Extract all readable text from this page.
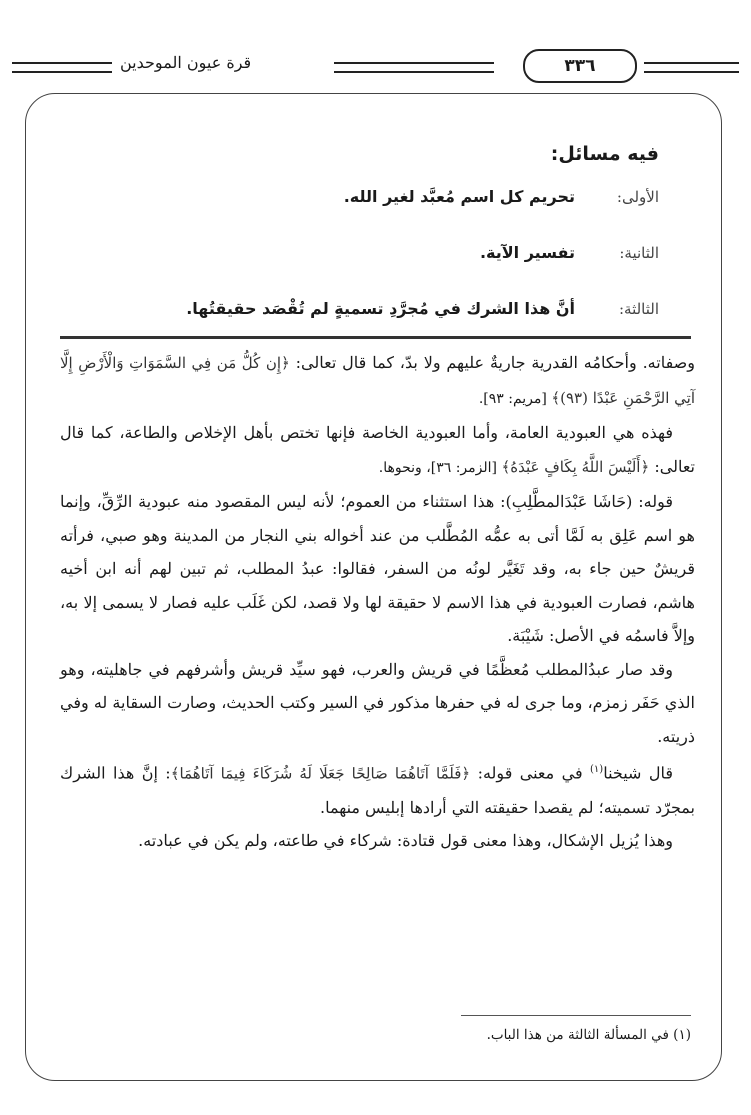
٣٣٦
قرة عيون الموحدين
فيه مسائل:
الأولى:
تحريم كل اسم مُعبَّد لغير الله.
الثانية:
تفسير الآية.
الثالثة:
أنَّ هذا الشرك في مُجرَّدِ تسميةٍ لم تُقْصَد حقيقتُها.

وصفاته. وأحكامُه القدرية جاريةٌ عليهم ولا بدّ، كما قال تعالى: ﴿إِن كُلُّ مَن فِي السَّمَوَاتِ وَالْأَرْضِ إِلَّا آتِي الرَّحْمَنِ عَبْدًا (٩٣)﴾ [مريم: ٩٣].

فهذه هي العبودية العامة، وأما العبودية الخاصة فإنها تختص بأهل الإخلاص والطاعة، كما قال تعالى: ﴿أَلَيْسَ اللَّهُ بِكَافٍ عَبْدَهُ﴾ [الزمر: ٣٦]، ونحوها.

قوله: (حَاشَا عَبْدَالمطَّلِبِ): هذا استثناء من العموم؛ لأنه ليس المقصود منه عبودية الرِّقِّ، وإنما هو اسم عَلِق به لَمَّا أتى به عمُّه المُطَّلب من عند أخواله بني النجار من المدينة وهو صبي، فرأته قريشٌ حين جاء به، وقد تَغَيَّر لونُه من السفر، فقالوا: عبدُ المطلب، ثم تبين لهم أنه ابن أخيه هاشم، فصارت العبودية في هذا الاسم لا حقيقة لها ولا قصد، لكن غَلَب عليه فصار لا يسمى إلا به، وإلاَّ فاسمُه في الأصل: شَيْبَة.

وقد صار عبدُالمطلب مُعظَّمًا في قريش والعرب، فهو سيِّد قريش وأشرفهم في جاهليته، وهو الذي حَفَر زمزم، وما جرى له في حفرها مذكور في السير وكتب الحديث، وصارت السقاية له وفي ذريته.

قال شيخنا$^{(١)}$ في معنى قوله: ﴿فَلَمَّا آتَاهُمَا صَالِحًا جَعَلَا لَهُ شُرَكَاءَ فِيمَا آتَاهُمَا﴾: إنَّ هذا الشرك بمجرّد تسميته؛ لم يقصدا حقيقته التي أرادها إبليس منهما.

وهذا يُزيل الإشكال، وهذا معنى قول قتادة: شركاء في طاعته، ولم يكن في عبادته.

(١) في المسألة الثالثة من هذا الباب.
